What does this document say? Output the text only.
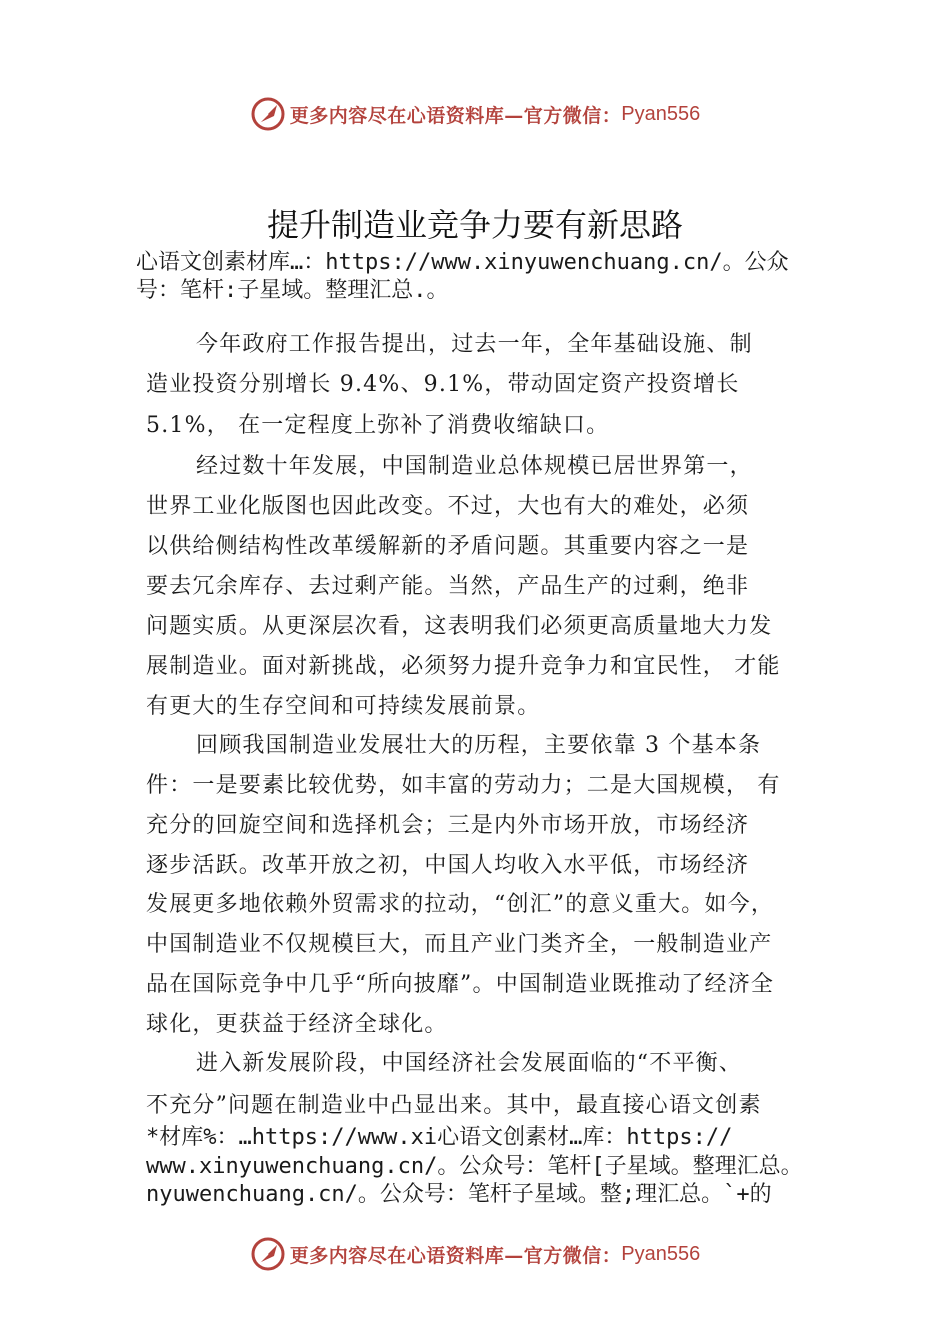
更多内容尽在心语资料库—官方微信： Pyan556
提升制造业竞争力要有新思路
心语文创素材库…：https://www.xinyuwenchuang.cn/。公众
号：笔杆:子星域。整理汇总.。
今年政府工作报告提出，过去一年，全年基础设施、制
造业投资分别增长 9.4%、9.1%，带动固定资产投资增长
5.1%， 在一定程度上弥补了消费收缩缺口。
经过数十年发展，中国制造业总体规模已居世界第一，
世界工业化版图也因此改变。不过，大也有大的难处，必须
以供给侧结构性改革缓解新的矛盾问题。其重要内容之一是
要去冗余库存、去过剩产能。当然，产品生产的过剩，绝非
问题实质。从更深层次看，这表明我们必须更高质量地大力发
展制造业。面对新挑战，必须努力提升竞争力和宜民性， 才能
有更大的生存空间和可持续发展前景。
回顾我国制造业发展壮大的历程，主要依靠 3 个基本条
件：一是要素比较优势，如丰富的劳动力；二是大国规模， 有
充分的回旋空间和选择机会；三是内外市场开放，市场经济
逐步活跃。改革开放之初，中国人均收入水平低，市场经济
发展更多地依赖外贸需求的拉动，“创汇”的意义重大。如今，
中国制造业不仅规模巨大，而且产业门类齐全，一般制造业产
品在国际竞争中几乎“所向披靡”。中国制造业既推动了经济全
球化，更获益于经济全球化。
进入新发展阶段，中国经济社会发展面临的“不平衡、
不充分”问题在制造业中凸显出来。其中，最直接心语文创素
*材库%：…https://www.xi心语文创素材…库：https://
www.xinyuwenchuang.cn/。公众号：笔杆[子星域。整理汇总。
nyuwenchuang.cn/。公众号：笔杆子星域。整;理汇总。`+的
更多内容尽在心语资料库—官方微信： Pyan556
